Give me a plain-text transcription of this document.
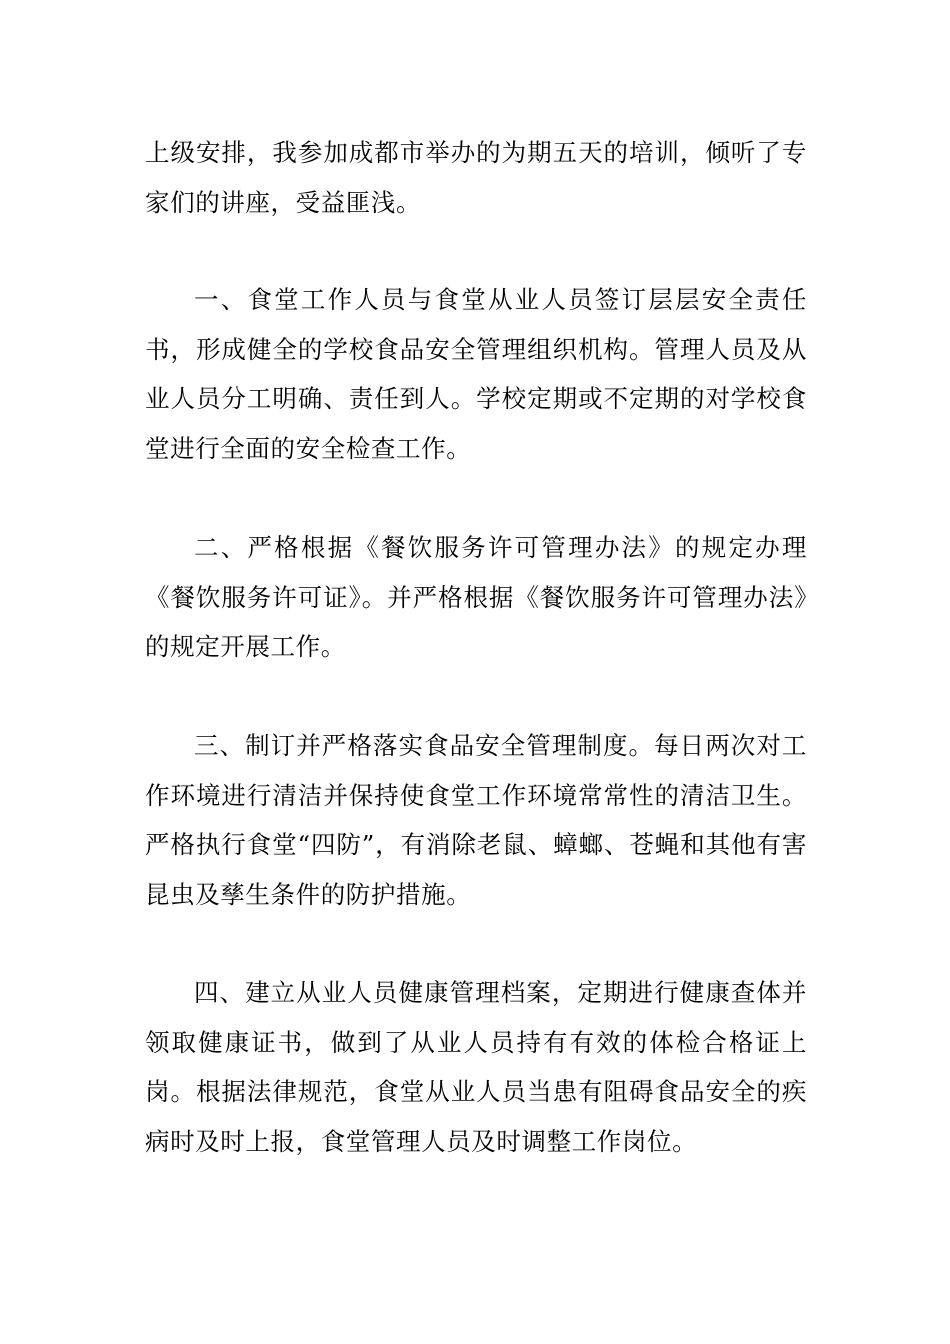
上级安排，我参加成都市举办的为期五天的培训，倾听了专家们的讲座，受益匪浅。

一、食堂工作人员与食堂从业人员签订层层安全责任书，形成健全的学校食品安全管理组织机构。管理人员及从业人员分工明确、责任到人。学校定期或不定期的对学校食堂进行全面的安全检查工作。

二、严格根据《餐饮服务许可管理办法》的规定办理《餐饮服务许可证》。并严格根据《餐饮服务许可管理办法》的规定开展工作。

三、制订并严格落实食品安全管理制度。每日两次对工作环境进行清洁并保持使食堂工作环境常常性的清洁卫生。严格执行食堂“四防”，有消除老鼠、蟑螂、苍蝇和其他有害昆虫及孳生条件的防护措施。

四、建立从业人员健康管理档案，定期进行健康查体并领取健康证书，做到了从业人员持有有效的体检合格证上岗。根据法律规范，食堂从业人员当患有阻碍食品安全的疾病时及时上报，食堂管理人员及时调整工作岗位。
